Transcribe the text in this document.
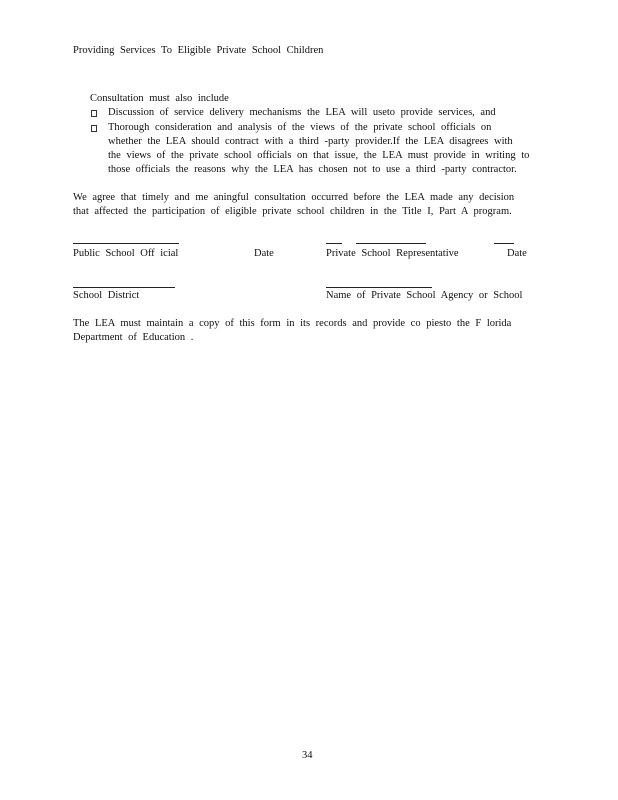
Providing Services To Eligible Private School Children
Consultation must also include
Discussion of service delivery mechanisms the LEA will useto provide services, and
Thorough consideration and analysis of the views of the private school officials on
whether the LEA should contract with a third -party provider.If the LEA disagrees with
the views of the private school officials on that issue, the LEA must provide in writing to
those officials the reasons why the LEA has chosen not to use a third -party contractor.
We agree that timely and me aningful consultation occurred before the LEA made any decision
that affected the participation of eligible private school children in the Title I, Part A program.
Public School Off icial	Date	Private School Representative	Date
School District	Name of Private School Agency or School
The LEA must maintain a copy of this form in its records and provide co piesto the F lorida
Department of Education .
34
